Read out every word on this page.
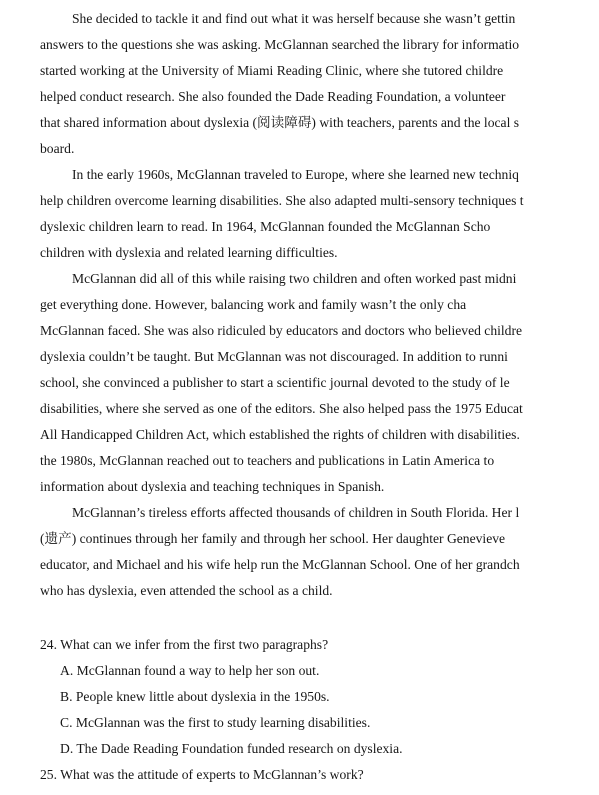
She decided to tackle it and find out what it was herself because she wasn’t gettin
answers to the questions she was asking. McGlannan searched the library for informatio
started working at the University of Miami Reading Clinic, where she tutored childre
helped conduct research. She also founded the Dade Reading Foundation, a volunteer
that shared information about dyslexia (阅读障碍) with teachers, parents and the local s
board.
In the early 1960s, McGlannan traveled to Europe, where she learned new techniq
help children overcome learning disabilities. She also adapted multi-sensory techniques t
dyslexic children learn to read. In 1964, McGlannan founded the McGlannan Scho
children with dyslexia and related learning difficulties.
McGlannan did all of this while raising two children and often worked past midni
get everything done. However, balancing work and family wasn’t the only cha
McGlannan faced. She was also ridiculed by educators and doctors who believed childre
dyslexia couldn’t be taught. But McGlannan was not discouraged. In addition to runni
school, she convinced a publisher to start a scientific journal devoted to the study of le
disabilities, where she served as one of the editors. She also helped pass the 1975 Educat
All Handicapped Children Act, which established the rights of children with disabilities.
the 1980s, McGlannan reached out to teachers and publications in Latin America to
information about dyslexia and teaching techniques in Spanish.
McGlannan’s tireless efforts affected thousands of children in South Florida. Her l
(遗产) continues through her family and through her school. Her daughter Genevieve
educator, and Michael and his wife help run the McGlannan School. One of her grandch
who has dyslexia, even attended the school as a child.
24. What can we infer from the first two paragraphs?
A. McGlannan found a way to help her son out.
B. People knew little about dyslexia in the 1950s.
C. McGlannan was the first to study learning disabilities.
D. The Dade Reading Foundation funded research on dyslexia.
25. What was the attitude of experts to McGlannan’s work?
